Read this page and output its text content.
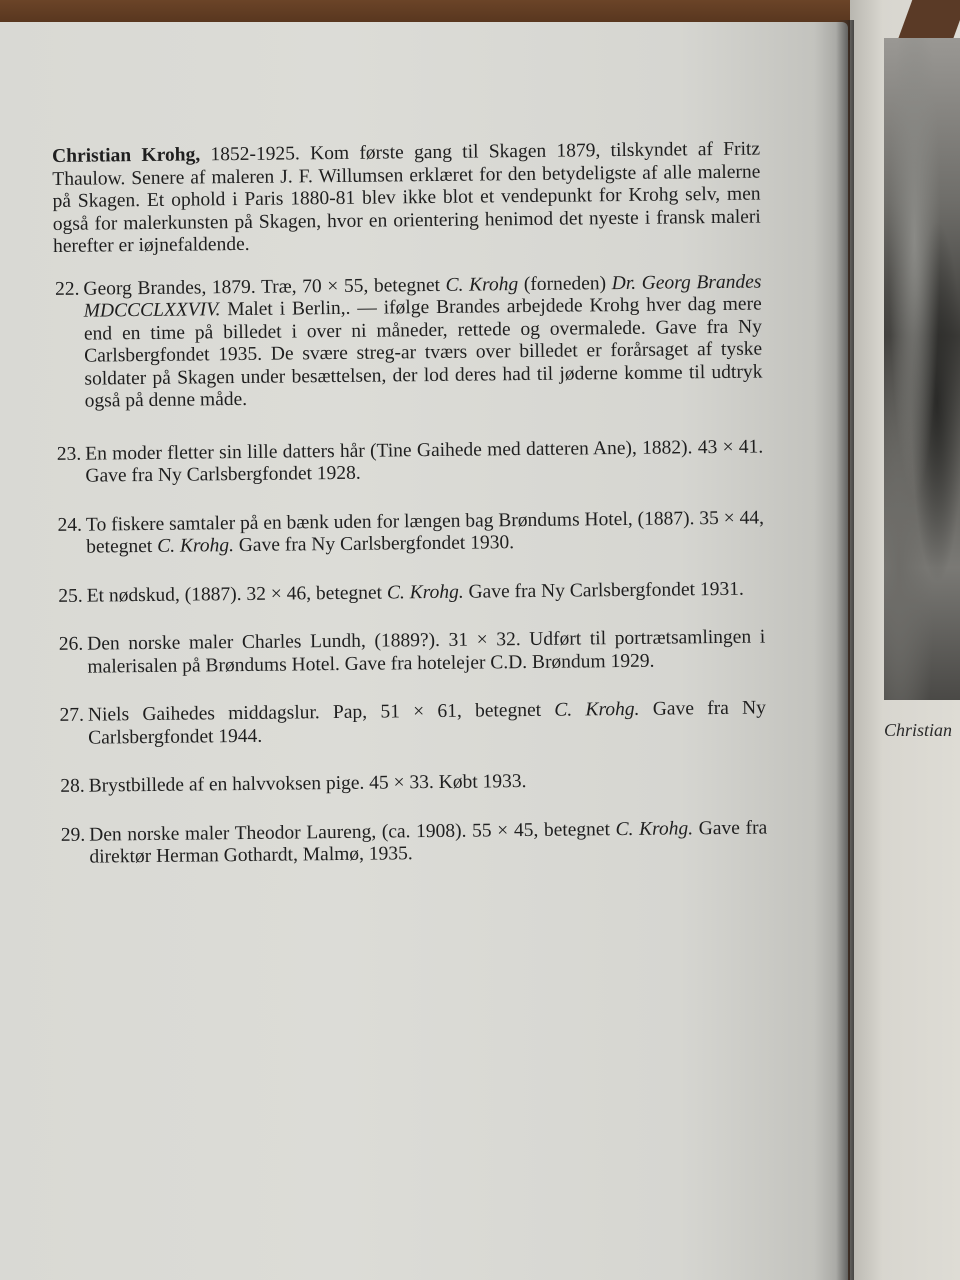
Christian

Christian Krohg, 1852-1925. Kom første gang til Skagen 1879, tilskyndet af Fritz Thaulow. Senere af maleren J. F. Willumsen erklæret for den betydeligste af alle malerne på Skagen. Et ophold i Paris 1880-81 blev ikke blot et vendepunkt for Krohg selv, men også for malerkunsten på Skagen, hvor en orientering henimod det nyeste i fransk maleri herefter er iøjnefaldende.

22. Georg Brandes, 1879. Træ, 70 × 55, betegnet C. Krohg (forneden) Dr. Georg Brandes MDCCCLXXVIV. Malet i Berlin,. — ifølge Brandes arbejdede Krohg hver dag mere end en time på billedet i over ni måneder, rettede og overmalede. Gave fra Ny Carlsbergfondet 1935. De svære streg-ar tværs over billedet er forårsaget af tyske soldater på Skagen under besættelsen, der lod deres had til jøderne komme til udtryk også på denne måde.
23. En moder fletter sin lille datters hår (Tine Gaihede med datteren Ane), 1882). 43 × 41. Gave fra Ny Carlsbergfondet 1928.
24. To fiskere samtaler på en bænk uden for længen bag Brøndums Hotel, (1887). 35 × 44, betegnet C. Krohg. Gave fra Ny Carlsbergfondet 1930.
25. Et nødskud, (1887). 32 × 46, betegnet C. Krohg. Gave fra Ny Carlsbergfondet 1931.
26. Den norske maler Charles Lundh, (1889?). 31 × 32. Udført til portrætsamlingen i malerisalen på Brøndums Hotel. Gave fra hotelejer C.D. Brøndum 1929.
27. Niels Gaihedes middagslur. Pap, 51 × 61, betegnet C. Krohg. Gave fra Ny Carlsbergfondet 1944.
28. Brystbillede af en halvvoksen pige. 45 × 33. Købt 1933.
29. Den norske maler Theodor Laureng, (ca. 1908). 55 × 45, betegnet C. Krohg. Gave fra direktør Herman Gothardt, Malmø, 1935.
